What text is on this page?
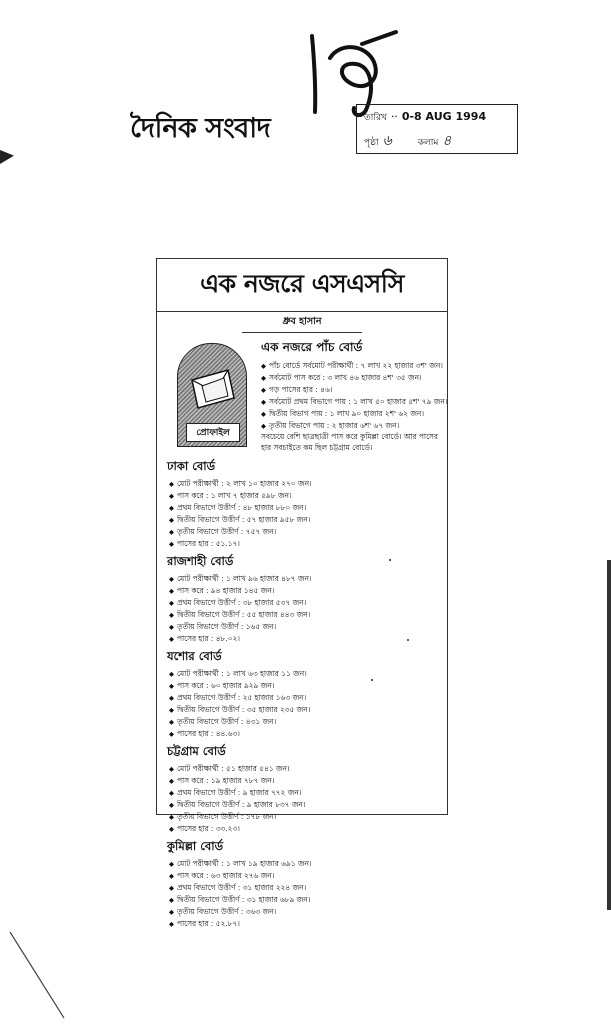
দৈনিক সংবাদ	তারিখ ·· 0-8 AUG 1994
পৃষ্ঠা ৬	কলাম ৪
এক নজরে এসএসসি
ধ্রুব হাসান
প্রোফাইল
এক নজরে পাঁচ বোর্ড
◆ পাঁচ বোর্ডে সর্বমোট পরীক্ষার্থী : ৭ লাখ ২২ হাজার ৩শ' জন।
◆ সর্বমোট পাস করে : ৩ লাখ ৪৬ হাজার ৪শ' ৩৫ জন।
◆ গড় পাসের হার : ৪৬।
◆ সর্বমোট প্রথম বিভাগে পায় : ১ লাখ ৫০ হাজার ৫শ' ৭৯ জন।
◆ দ্বিতীয় বিভাগ পায় : ১ লাখ ৯০ হাজার ২শ' ৬২ জন।
◆ তৃতীয় বিভাগে পায় : ২ হাজার ৬শ' ৬৭ জন।
সবচেয়ে বেশি ছাত্রছাত্রী পাস করে কুমিল্লা বোর্ডে। আর পাসের হার সবচাইতে কম ছিল চট্টগ্রাম বোর্ডে।
ঢাকা বোর্ড
◆ মোট পরীক্ষার্থী : ২ লাখ ১০ হাজার ২৭০ জন।
◆ পাস করে : ১ লাখ ৭ হাজার ৫৯৮ জন।
◆ প্রথম বিভাগে উত্তীর্ণ : ৪৮ হাজার ৮৮০ জন।
◆ দ্বিতীয় বিভাগে উত্তীর্ণ : ৫৭ হাজার ৯৫৮ জন।
◆ তৃতীয় বিভাগে উত্তীর্ণ : ৭৫৭ জন।
◆ পাসের হার : ৫১.১৭।
রাজশাহী বোর্ড
◆ মোট পরীক্ষার্থী : ১ লাখ ৯৬ হাজার ৪৮৭ জন।
◆ পাস করে : ৯৪ হাজার ১৪৫ জন।
◆ প্রথম বিভাগে উত্তীর্ণ : ৩৮ হাজার ৫৩৭ জন।
◆ দ্বিতীয় বিভাগে উত্তীর্ণ : ৫৫ হাজার ৪৪৩ জন।
◆ তৃতীয় বিভাগে উত্তীর্ণ : ১৬৫ জন।
◆ পাসের হার : ৪৮.০২।
যশোর বোর্ড
◆ মোট পরীক্ষার্থী : ১ লাখ ৬৩ হাজার ১১ জন।
◆ পাস করে : ৬০ হাজার ৯২৯ জন।
◆ প্রথম বিভাগে উত্তীর্ণ : ২৫ হাজার ১৬৩ জন।
◆ দ্বিতীয় বিভাগে উত্তীর্ণ : ৩৫ হাজার ২৩৫ জন।
◆ তৃতীয় বিভাগে উত্তীর্ণ : ৪৩১ জন।
◆ পাসের হার : ৪৪.৬৩।
চট্টগ্রাম বোর্ড
◆ মোট পরীক্ষার্থী : ৫১ হাজার ৫৪১ জন।
◆ পাস করে : ১৯ হাজার ৭৮৭ জন।
◆ প্রথম বিভাগে উত্তীর্ণ : ৯ হাজার ৭৭২ জন।
◆ দ্বিতীয় বিভাগে উত্তীর্ণ : ৯ হাজার ৮৩৭ জন।
◆ তৃতীয় বিভাগে উত্তীর্ণ : ১৭৮ জন।
◆ পাসের হার : ৩৩.২৩।
কুমিল্লা বোর্ড
◆ মোট পরীক্ষার্থী : ১ লাখ ১৯ হাজার ৬৯১ জন।
◆ পাস করে : ৬৩ হাজার ২৭৬ জন।
◆ প্রথম বিভাগে উত্তীর্ণ : ৩১ হাজার ২২৪ জন।
◆ দ্বিতীয় বিভাগে উত্তীর্ণ : ৩১ হাজার ৬৮৯ জন।
◆ তৃতীয় বিভাগে উত্তীর্ণ : ৩৬৩ জন।
◆ পাসের হার : ৫২.৮৭।
